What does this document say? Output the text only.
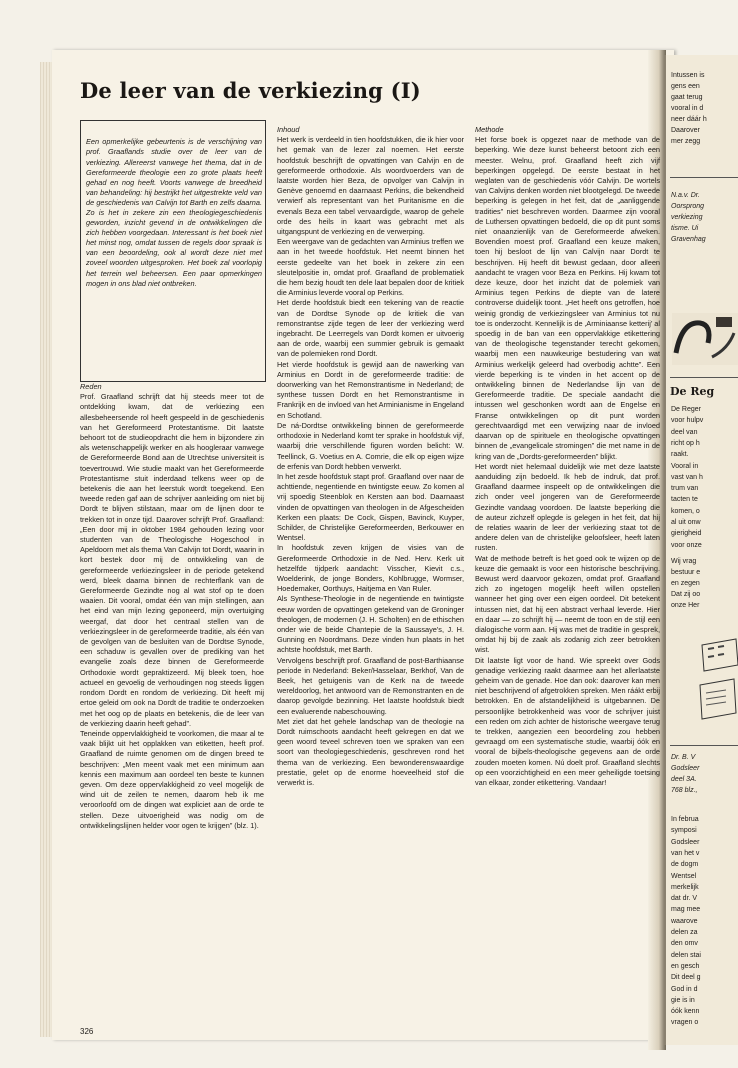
De leer van de verkiezing (I)

Een opmerkelijke gebeurtenis is de verschijning van prof. Graaflands studie over de leer van de verkiezing. Allereerst vanwege het thema, dat in de Gereformeerde theologie een zo grote plaats heeft gehad en nog heeft. Voorts vanwege de breedheid van behandeling: hij bestrijkt het uitgestrekte veld van de geschiedenis van Calvijn tot Barth en zelfs daarna. Zo is het in zekere zin een theologiegeschiedenis geworden, inzicht gevend in de ontwikkelingen die zich hebben voorgedaan. Interessant is het boek niet het minst nog, omdat tussen de regels door spraak is van een beoordeling, ook al wordt deze niet met zoveel woorden uitgesproken. Het boek zal voorlopig het terrein wel beheersen. Een paar opmerkingen mogen in ons blad niet ontbreken.

Reden

Prof. Graafland schrijft dat hij steeds meer tot de ontdekking kwam, dat de verkiezing een allesbeheersende rol heeft gespeeld in de geschiedenis van het Gereformeerd Protestantisme. Dit laatste behoort tot de studieopdracht die hem in bijzondere zin als wetenschappelijk werker en als hoogleraar vanwege de Gereformeerde Bond aan de Utrechtse universiteit is toevertrouwd. Wie studie maakt van het Gereformeerde Protestantisme stuit inderdaad telkens weer op de betekenis die aan het leerstuk wordt toegekend. Een tweede reden gaf aan de schrijver aanleiding om niet bij Dordt te blijven stilstaan, maar om de lijnen door te trekken tot in onze tijd. Daarover schrijft Prof. Graafland: „Een door mij in oktober 1984 gehouden lezing voor studenten van de Theologische Hogeschool in Apeldoorn met als thema Van Calvijn tot Dordt, waarin in kort bestek door mij de ontwikkeling van de gereformeerde verkiezingsleer in de periode getekend werd, bleek daarna binnen de rechterflank van de Gereformeerde Gezindte nog al wat stof op te doen waaien. Dit vooral, omdat één van mijn stellingen, aan het eind van mijn lezing geponeerd, mijn overtuiging weergaf, dat door het centraal stellen van de verkiezingsleer in de gereformeerde traditie, als één van de gevolgen van de besluiten van de Dordtse Synode, een schaduw is gevallen over de prediking van het evangelie zoals deze binnen de Gereformeerde Orthodoxie wordt gepraktizeerd. Mij bleek toen, hoe actueel en gevoelig de verhoudingen nog steeds liggen rondom Dordt en rondom de verkiezing. Dit heeft mij ertoe geleid om ook na Dordt de traditie te onderzoeken met het oog op de plaats en betekenis, die de leer van de verkiezing daarin heeft gehad”.

Teneinde oppervlakkigheid te voorkomen, die maar al te vaak blijkt uit het opplakken van etiketten, heeft prof. Graafland de ruimte genomen om de dingen breed te beschrijven: „Men meent vaak met een minimum aan kennis een maximum aan oordeel ten beste te kunnen geven. Om deze oppervlakkigheid zo veel mogelijk de wind uit de zeilen te nemen, daarom heb ik me veroorloofd om de dingen wat expliciet aan de orde te stellen. Deze uitvoerigheid was nodig om de ontwikkelingslijnen helder voor ogen te krijgen” (blz. 1).

Inhoud

Het werk is verdeeld in tien hoofdstukken, die ik hier voor het gemak van de lezer zal noemen. Het eerste hoofdstuk beschrijft de opvattingen van Calvijn en de gereformeerde orthodoxie. Als woordvoerders van de laatste worden hier Beza, de opvolger van Calvijn in Genève genoemd en daarnaast Perkins, die bekendheid verwierf als representant van het Puritanisme en die evenals Beza een tabel vervaardigde, waarop de gehele orde des heils in kaart was gebracht met als uitgangspunt de verkiezing en de verwerping.

Een weergave van de gedachten van Arminius treffen we aan in het tweede hoofdstuk. Het neemt binnen het eerste gedeelte van het boek in zekere zin een sleutelpositie in, omdat prof. Graafland de problematiek die hem bezig houdt ten dele laat bepalen door de kritiek die Arminius leverde vooral op Perkins.

Het derde hoofdstuk biedt een tekening van de reactie van de Dordtse Synode op de kritiek die van remonstrantse zijde tegen de leer der verkiezing werd ingebracht. De Leerregels van Dordt komen er uitvoerig aan de orde, waarbij een summier gebruik is gemaakt van de polemieken rond Dordt.

Het vierde hoofdstuk is gewijd aan de nawerking van Arminius en Dordt in de gereformeerde traditie: de doorwerking van het Remonstrantisme in Nederland; de synthese tussen Dordt en het Remonstrantisme in Frankrijk en de invloed van het Arminianisme in Engeland en Schotland.

De ná-Dordtse ontwikkeling binnen de gereformeerde orthodoxie in Nederland komt ter sprake in hoofdstuk vijf, waarbij drie verschillende figuren worden belicht: W. Teellinck, G. Voetius en A. Comrie, die elk op eigen wijze de erfenis van Dordt hebben verwerkt.

In het zesde hoofdstuk stapt prof. Graafland over naar de achttiende, negentiende en twintigste eeuw. Zo komen al vrij spoedig Steenblok en Kersten aan bod. Daarnaast vinden de opvattingen van theologen in de Afgescheiden Kerken een plaats: De Cock, Gispen, Bavinck, Kuyper, Schilder, de Christelijke Gereformeerden, Berkouwer en Wentsel.

In hoofdstuk zeven krijgen de visies van de Gereformeerde Orthodoxie in de Ned. Herv. Kerk uit hetzelfde tijdperk aandacht: Visscher, Kievit c.s., Woelderink, de jonge Bonders, Kohlbrugge, Wormser, Hoedemaker, Oorthuys, Haitjema en Van Ruler.

Als Synthese-Theologie in de negentiende en twintigste eeuw worden de opvattingen getekend van de Groninger theologen, de modernen (J. H. Scholten) en de ethischen onder wie de beide Chantepie de la Saussaye's, J. H. Gunning en Noordmans. Deze vinden hun plaats in het achtste hoofdstuk, met Barth.

Vervolgens beschrijft prof. Graafland de post-Barthiaanse periode in Nederland: Beker/Hasselaar, Berkhof, Van de Beek, het getuigenis van de Kerk na de tweede wereldoorlog, het antwoord van de Remonstranten en de daarop gevolgde bezinning. Het laatste hoofdstuk biedt een evaluerende nabeschouwing.

Met ziet dat het gehele landschap van de theologie na Dordt ruimschoots aandacht heeft gekregen en dat we geen woord teveel schreven toen we spraken van een soort van theologiegeschiedenis, geschreven rond het thema van de verkiezing. Een bewonderenswaardige prestatie, gelet op de enorme hoeveelheid stof die verwerkt is.

Methode

Het forse boek is opgezet naar de methode van de beperking. Wie deze kunst beheerst betoont zich een meester. Welnu, prof. Graafland heeft zich vijf beperkingen opgelegd. De eerste bestaat in het weglaten van de geschiedenis vóór Calvijn. De wortels van Calvijns denken worden niet blootgelegd. De tweede beperking is gelegen in het feit, dat de „aanliggende tradities” niet beschreven worden. Daarmee zijn vooral de Luthersen opvattingen bedoeld, die op dit punt soms niet onaanzienlijk van de Gereformeerde afweken. Bovendien moest prof. Graafland een keuze maken, toen hij besloot de lijn van Calvijn naar Dordt te beschrijven. Hij heeft dit bewust gedaan, door alleen aandacht te vragen voor Beza en Perkins. Hij kwam tot deze keuze, door het inzicht dat de polemiek van Arminius tegen Perkins de diepte van de latere controverse duidelijk toont. „Het heeft ons getroffen, hoe weinig grondig de verkiezingsleer van Arminius tot nu toe is onderzocht. Kennelijk is de ‚Arminiaanse ketterij’ al spoedig in de ban van een oppervlakkige etikettering van de theologische tegenstander terecht gekomen, waarbij men een nauwkeurige bestudering van wat Arminius werkelijk geleerd had overbodig achtte”. Een vierde beperking is te vinden in het accent op de ontwikkeling binnen de Nederlandse lijn van de Gereformeerde traditie. De speciale aandacht die intussen wel geschonken wordt aan de Engelse en Franse ontwikkelingen op dit punt worden gerechtvaardigd met een verwijzing naar de invloed daarvan op de spirituele en theologische opvattingen binnen de „evangelicale stromingen” die met name in de kring van de „Dordts-gereformeerden” blijkt.

Het wordt niet helemaal duidelijk wie met deze laatste aanduiding zijn bedoeld. Ik heb de indruk, dat prof. Graafland daarmee inspeelt op de ontwikkelingen die zich onder veel jongeren van de Gereformeerde Gezindte vandaag voordoen. De laatste beperking die de auteur zichzelf oplegde is gelegen in het feit, dat hij de relaties waarin de leer der verkiezing staat tot de andere delen van de christelijke geloofsleer, heeft laten rusten.

Wat de methode betreft is het goed ook te wijzen op de keuze die gemaakt is voor een historische beschrijving. Bewust werd daarvoor gekozen, omdat prof. Graafland zich zo ingetogen mogelijk heeft willen opstellen wanneer het ging over een eigen oordeel. Dit betekent intussen niet, dat hij een abstract verhaal leverde. Hier en daar — zo schrijft hij — neemt de toon en de stijl een dialogische vorm aan. Hij was met de traditie in gesprek, omdat hij bij de zaak als zodanig zich zeer betrokken wist.

Dit laatste ligt voor de hand. Wie spreekt over Gods genadige verkiezing raakt daarmee aan het allerlaatste geheim van de genade. Hoe dan ook: daarover kan men niet beschrijvend of afgetrokken spreken. Men ráákt erbij betrokken. En de afstandelijkheid is uitgebannen. De persoonlijke betrokkenheid was voor de schrijver juist een reden om zich achter de historische weergave terug te trekken, aangezien een beoordeling zou hebben gevraagd om een systematische studie, waarbij óók en vooral de bijbels-theologische gegevens aan de orde zouden moeten komen. Nú doelt prof. Graafland slechts op een voorzichtigheid en een meer geheiligde toetsing van elkaar, zonder etikettering. Vandaar!

326
Intussen is
gens een
gaat terug
vooral in d
neer dáár h
Daarover
mer zegg
N.a.v. Dr.
Oorsprong
verkiezing
tisme. Ui
Gravenhag
De Reg
De Reger
voor hulpv
deel van
richt op h
raakt.
Vooral in
vast van h
trum van
tacten te
komen, o
al uit onw
gierigheid
voor onze
Wij vrag
bestuur e
en zegen
Dat zij oo
onze Her
Dr. B. V
Godsleer
deel 3A.
768 blz.,
In februa
symposi
Godsleer
van het v
de dogm
Wentsel
merkelijk
dat dr. V
mag mee
waarove
delen za
den omv
delen stai
en gesch
Dit deel g
God in d
gie is in
óók kenn
vragen o
